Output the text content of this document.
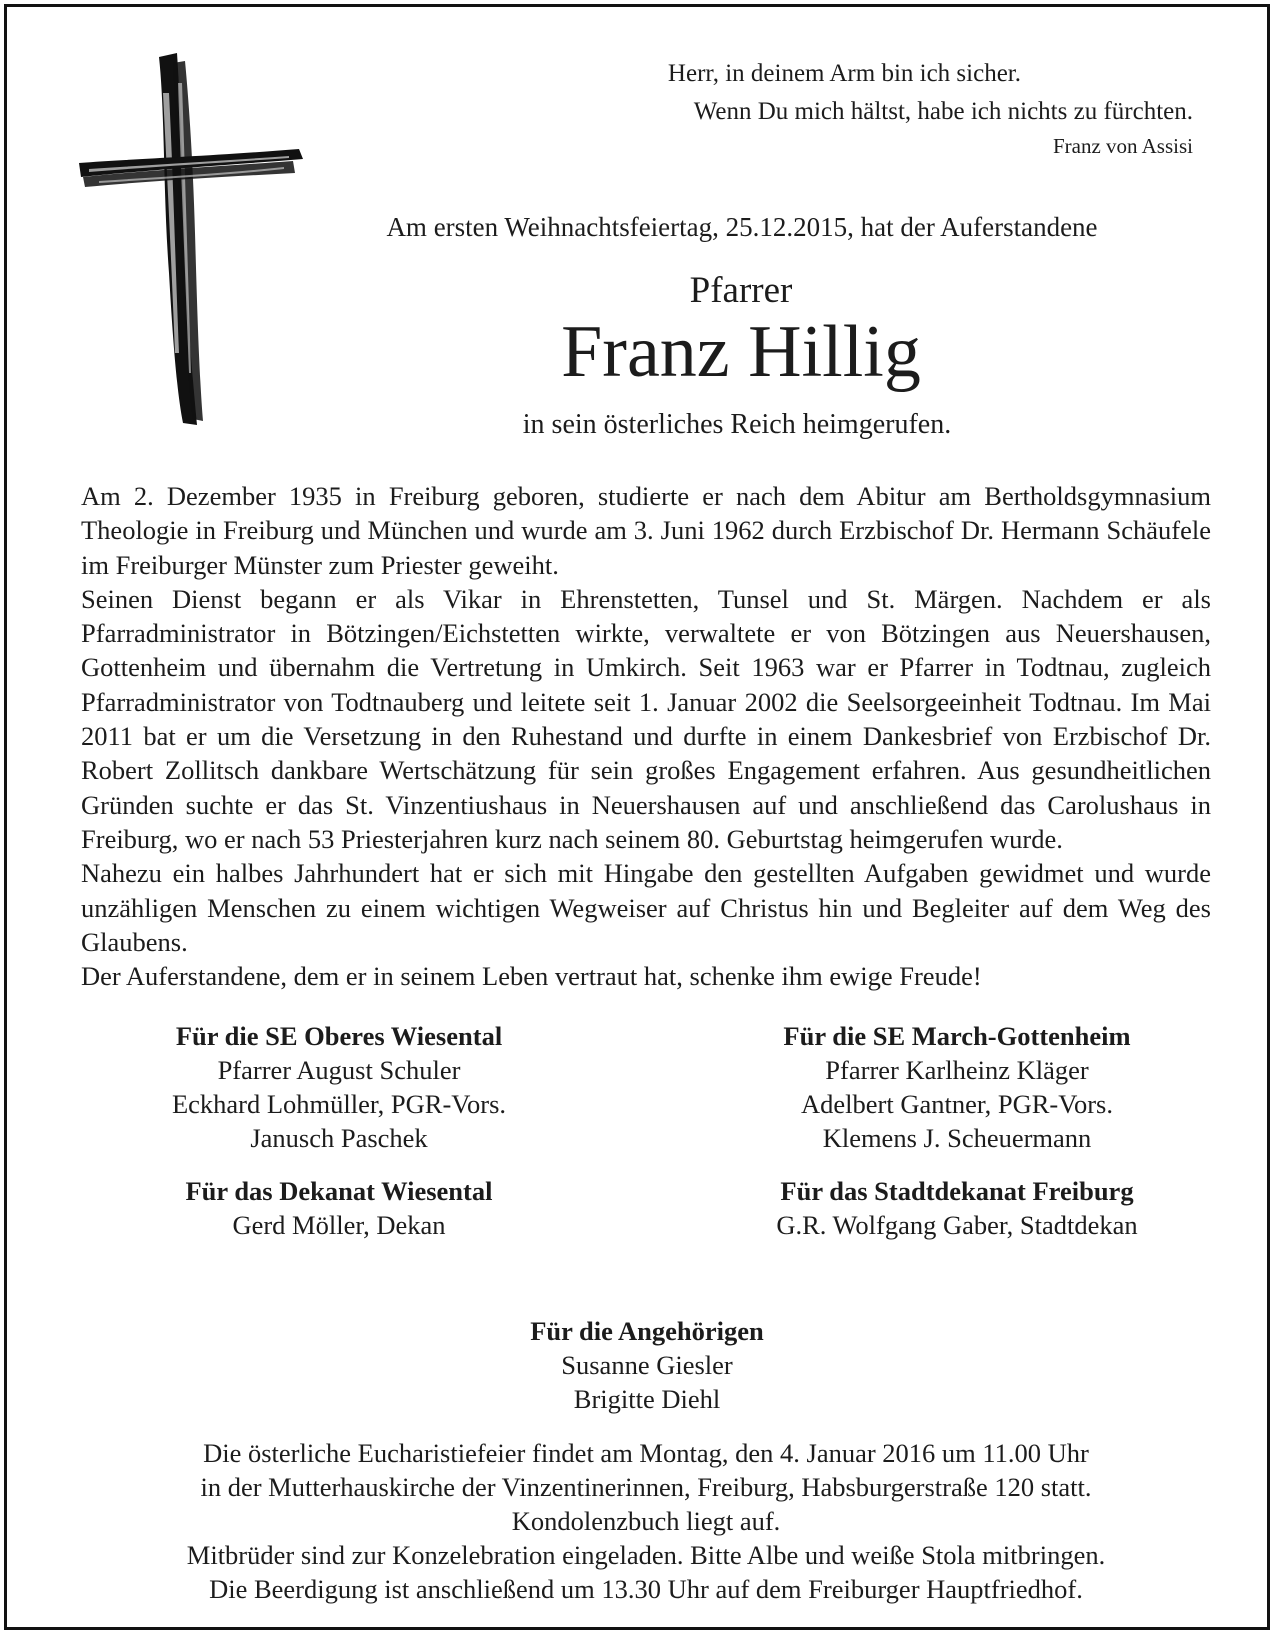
Herr, in deinem Arm bin ich sicher.
Wenn Du mich hältst, habe ich nichts zu fürchten.
Franz von Assisi
Am ersten Weihnachtsfeiertag, 25.12.2015, hat der Auferstandene
Pfarrer
Franz Hillig
in sein österliches Reich heimgerufen.

Am 2. Dezember 1935 in Freiburg geboren, studierte er nach dem Abitur am Bertholdsgymnasium Theologie in Freiburg und München und wurde am 3. Juni 1962 durch Erzbischof Dr. Hermann Schäufele im Freiburger Münster zum Priester geweiht.

Seinen Dienst begann er als Vikar in Ehrenstetten, Tunsel und St. Märgen. Nachdem er als Pfarradministrator in Bötzingen/Eichstetten wirkte, verwaltete er von Bötzingen aus Neuershausen, Gottenheim und übernahm die Vertretung in Umkirch. Seit 1963 war er Pfarrer in Todtnau, zugleich Pfarradministrator von Todtnauberg und leitete seit 1. Januar 2002 die Seelsorgeeinheit Todtnau. Im Mai 2011 bat er um die Versetzung in den Ruhestand und durfte in einem Dankesbrief von Erzbischof Dr. Robert Zollitsch dankbare Wertschätzung für sein großes Engagement erfahren. Aus gesundheitlichen Gründen suchte er das St. Vinzentiushaus in Neuershausen auf und anschließend das Carolushaus in Freiburg, wo er nach 53 Priesterjahren kurz nach seinem 80. Geburtstag heimgerufen wurde.

Nahezu ein halbes Jahrhundert hat er sich mit Hingabe den gestellten Aufgaben gewidmet und wurde unzähligen Menschen zu einem wichtigen Wegweiser auf Christus hin und Begleiter auf dem Weg des Glaubens.

Der Auferstandene, dem er in seinem Leben vertraut hat, schenke ihm ewige Freude!

Für die SE Oberes Wiesental
Pfarrer August Schuler
Eckhard Lohmüller, PGR-Vors.
Janusch Paschek
Für die SE March-Gottenheim
Pfarrer Karlheinz Kläger
Adelbert Gantner, PGR-Vors.
Klemens J. Scheuermann
Für das Dekanat Wiesental
Gerd Möller, Dekan
Für das Stadtdekanat Freiburg
G.R. Wolfgang Gaber, Stadtdekan
Für die Angehörigen
Susanne Giesler
Brigitte Diehl
Die österliche Eucharistiefeier findet am Montag, den 4. Januar 2016 um 11.00 Uhr
in der Mutterhauskirche der Vinzentinerinnen, Freiburg, Habsburgerstraße 120 statt.
Kondolenzbuch liegt auf.
Mitbrüder sind zur Konzelebration eingeladen. Bitte Albe und weiße Stola mitbringen.
Die Beerdigung ist anschließend um 13.30 Uhr auf dem Freiburger Hauptfriedhof.
